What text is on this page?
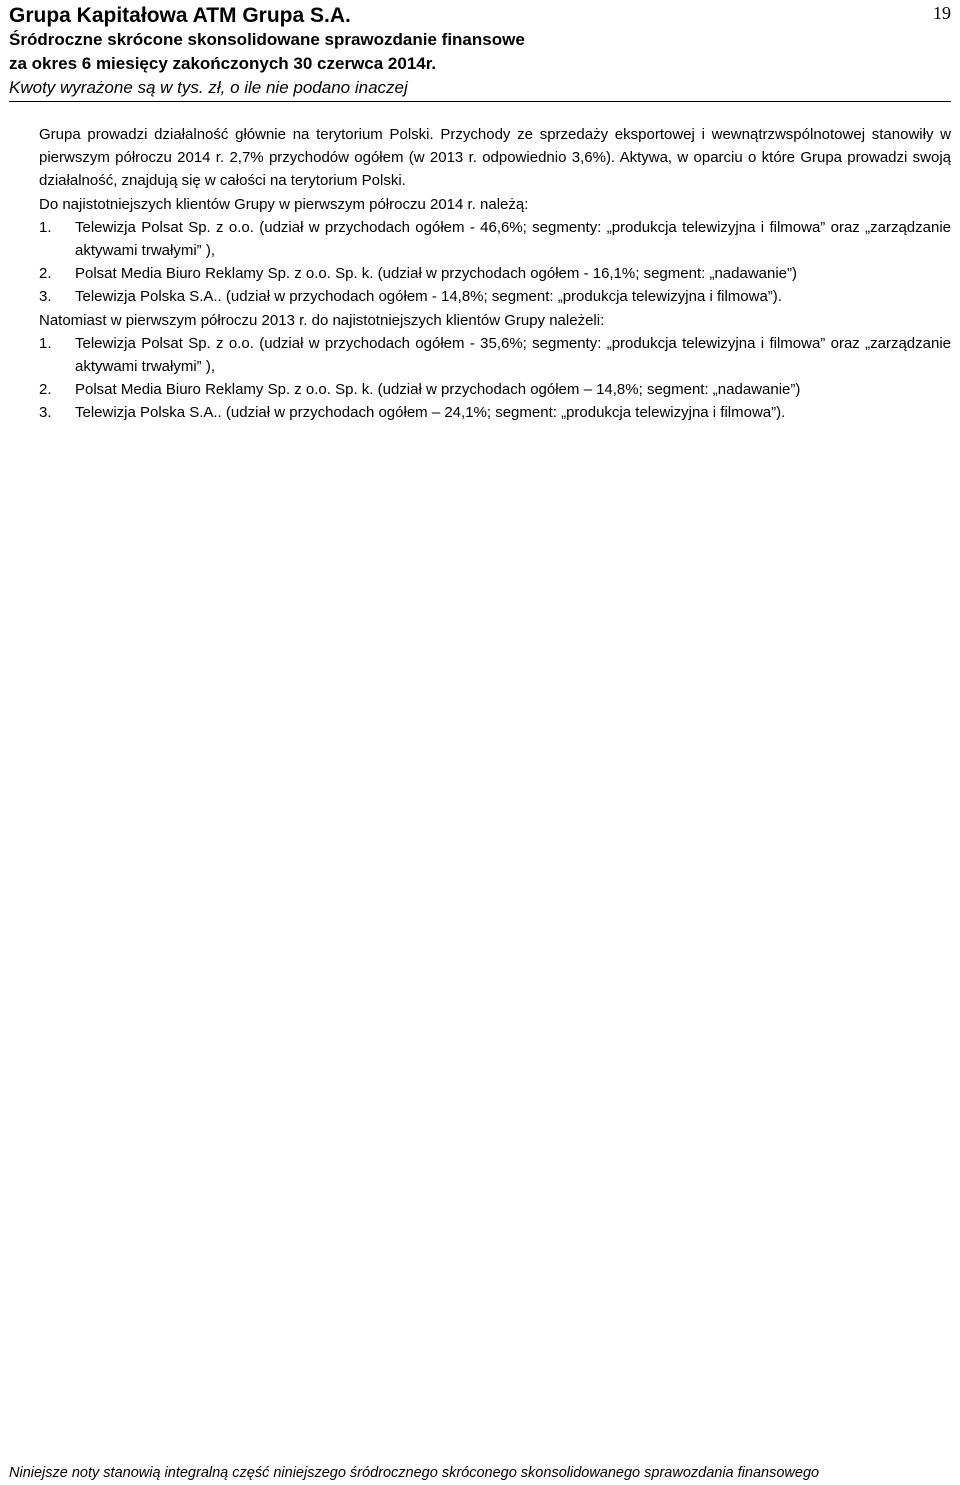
Grupa Kapitałowa ATM Grupa S.A.
Śródroczne skrócone skonsolidowane sprawozdanie finansowe
za okres 6 miesięcy zakończonych 30 czerwca 2014r.
Kwoty wyrażone są w tys. zł, o ile nie podano inaczej
19

Grupa prowadzi działalność głównie na terytorium Polski. Przychody ze sprzedaży eksportowej i wewnątrzwspólnotowej stanowiły w pierwszym półroczu 2014 r. 2,7% przychodów ogółem (w 2013 r. odpowiednio 3,6%). Aktywa, w oparciu o które Grupa prowadzi swoją działalność, znajdują się w całości na terytorium Polski.

Do najistotniejszych klientów Grupy w pierwszym półroczu 2014 r. należą:

1.	Telewizja Polsat Sp. z o.o. (udział w przychodach ogółem - 46,6%; segmenty: „produkcja telewizyjna i filmowa” oraz „zarządzanie aktywami trwałymi” ),
2.	Polsat Media Biuro Reklamy Sp. z o.o. Sp. k. (udział w przychodach ogółem - 16,1%; segment: „nadawanie”)
3.	Telewizja Polska S.A.. (udział w przychodach ogółem - 14,8%; segment: „produkcja telewizyjna i filmowa”).

Natomiast w pierwszym półroczu 2013 r. do najistotniejszych klientów Grupy należeli:

1.	Telewizja Polsat Sp. z o.o. (udział w przychodach ogółem - 35,6%; segmenty: „produkcja telewizyjna i filmowa” oraz „zarządzanie aktywami trwałymi” ),
2.	Polsat Media Biuro Reklamy Sp. z o.o. Sp. k. (udział w przychodach ogółem – 14,8%; segment: „nadawanie”)
3.	Telewizja Polska S.A.. (udział w przychodach ogółem – 24,1%; segment: „produkcja telewizyjna i filmowa”).
Niniejsze noty stanowią integralną część niniejszego śródrocznego skróconego skonsolidowanego sprawozdania finansowego
